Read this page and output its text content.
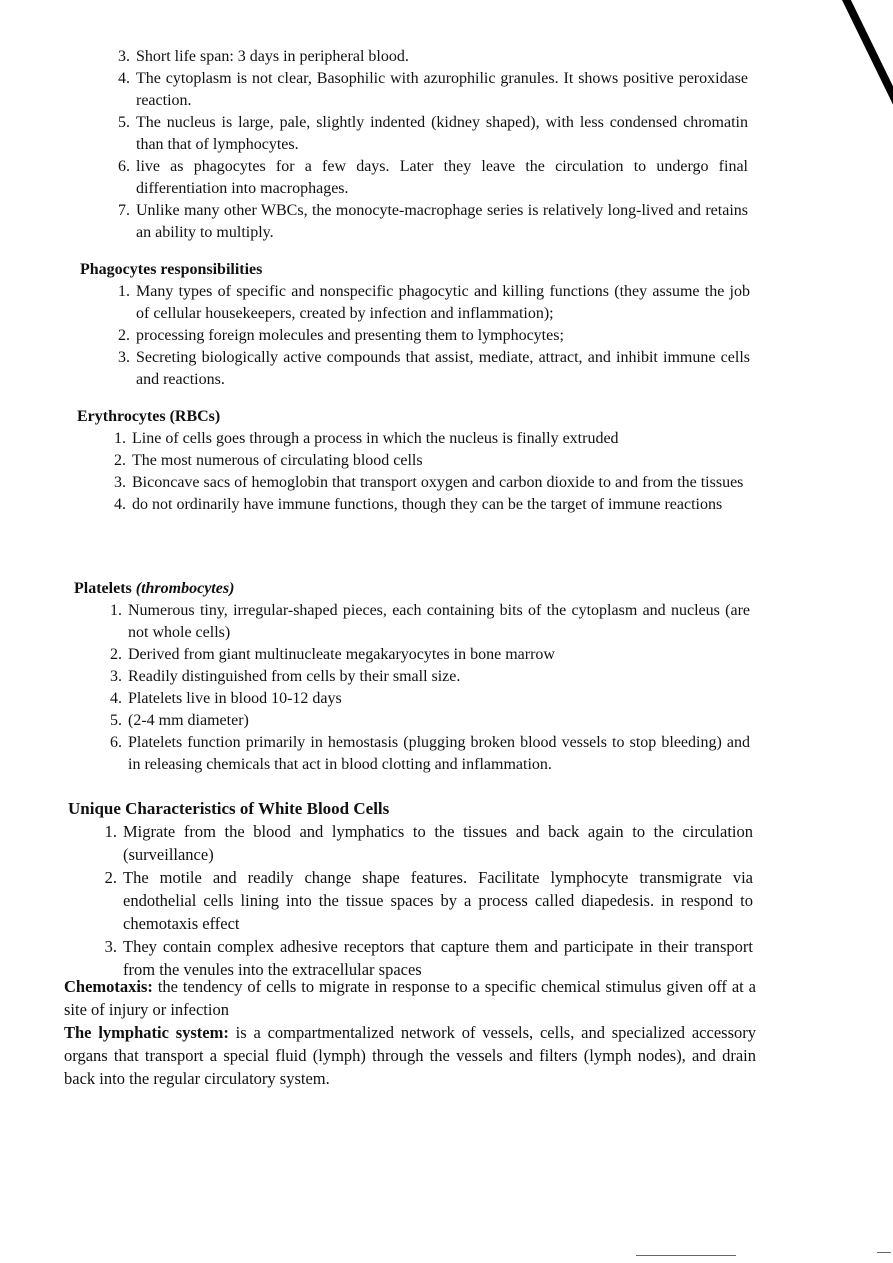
3. Short life span: 3 days in peripheral blood.
4. The cytoplasm is not clear, Basophilic with azurophilic granules. It shows positive peroxidase reaction.
5. The nucleus is large, pale, slightly indented (kidney shaped), with less condensed chromatin than that of lymphocytes.
6. live as phagocytes for a few days. Later they leave the circulation to undergo final differentiation into macrophages.
7. Unlike many other WBCs, the monocyte-macrophage series is relatively long-lived and retains an ability to multiply.
Phagocytes responsibilities
1. Many types of specific and nonspecific phagocytic and killing functions (they assume the job of cellular housekeepers, created by infection and inflammation);
2. processing foreign molecules and presenting them to lymphocytes;
3. Secreting biologically active compounds that assist, mediate, attract, and inhibit immune cells and reactions.
Erythrocytes (RBCs)
1. Line of cells goes through a process in which the nucleus is finally extruded
2. The most numerous of circulating blood cells
3. Biconcave sacs of hemoglobin that transport oxygen and carbon dioxide to and from the tissues
4. do not ordinarily have immune functions, though they can be the target of immune reactions
Platelets (thrombocytes)
1. Numerous tiny, irregular-shaped pieces, each containing bits of the cytoplasm and nucleus (are not whole cells)
2. Derived from giant multinucleate megakaryocytes in bone marrow
3. Readily distinguished from cells by their small size.
4. Platelets live in blood 10-12 days
5. (2-4 mm diameter)
6. Platelets function primarily in hemostasis (plugging broken blood vessels to stop bleeding) and in releasing chemicals that act in blood clotting and inflammation.
Unique Characteristics of White Blood Cells
1. Migrate from the blood and lymphatics to the tissues and back again to the circulation (surveillance)
2. The motile and readily change shape features. Facilitate lymphocyte transmigrate via endothelial cells lining into the tissue spaces by a process called diapedesis. in respond to chemotaxis effect
3. They contain complex adhesive receptors that capture them and participate in their transport from the venules into the extracellular spaces

Chemotaxis: the tendency of cells to migrate in response to a specific chemical stimulus given off at a site of injury or infection

The lymphatic system: is a compartmentalized network of vessels, cells, and specialized accessory organs that transport a special fluid (lymph) through the vessels and filters (lymph nodes), and drain back into the regular circulatory system.
